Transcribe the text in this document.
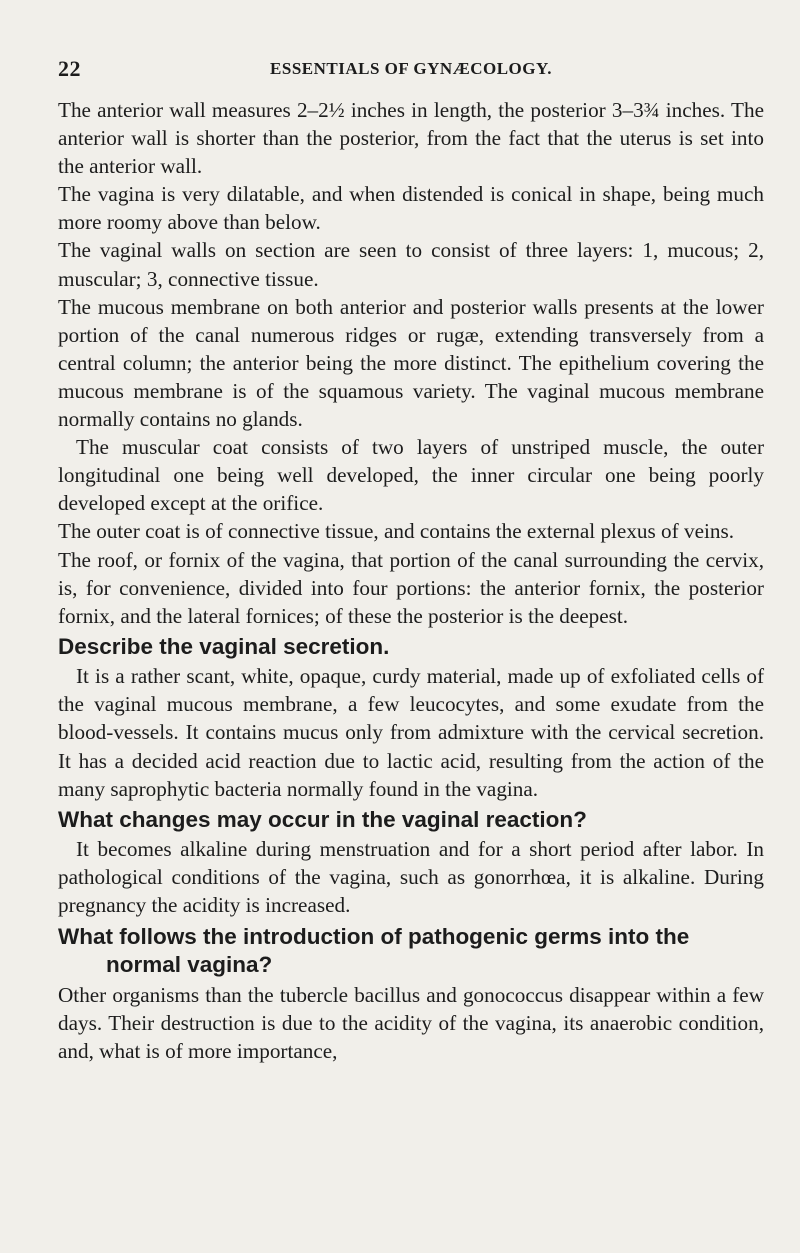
22	ESSENTIALS OF GYNÆCOLOGY.

The anterior wall measures 2–2½ inches in length, the posterior 3–3¾ inches. The anterior wall is shorter than the posterior, from the fact that the uterus is set into the anterior wall.

The vagina is very dilatable, and when distended is conical in shape, being much more roomy above than below.

The vaginal walls on section are seen to consist of three layers: 1, mucous; 2, muscular; 3, connective tissue.

The mucous membrane on both anterior and posterior walls presents at the lower portion of the canal numerous ridges or rugæ, extending transversely from a central column; the anterior being the more distinct. The epithelium covering the mucous membrane is of the squamous variety. The vaginal mucous membrane normally contains no glands.

The muscular coat consists of two layers of unstriped muscle, the outer longitudinal one being well developed, the inner circular one being poorly developed except at the orifice.

The outer coat is of connective tissue, and contains the external plexus of veins.

The roof, or fornix of the vagina, that portion of the canal surrounding the cervix, is, for convenience, divided into four portions: the anterior fornix, the posterior fornix, and the lateral fornices; of these the posterior is the deepest.

Describe the vaginal secretion.

It is a rather scant, white, opaque, curdy material, made up of exfoliated cells of the vaginal mucous membrane, a few leucocytes, and some exudate from the blood-vessels. It contains mucus only from admixture with the cervical secretion. It has a decided acid reaction due to lactic acid, resulting from the action of the many saprophytic bacteria normally found in the vagina.

What changes may occur in the vaginal reaction?

It becomes alkaline during menstruation and for a short period after labor. In pathological conditions of the vagina, such as gonorrhœa, it is alkaline. During pregnancy the acidity is increased.

What follows the introduction of pathogenic germs into the normal vagina?

Other organisms than the tubercle bacillus and gonococcus disappear within a few days. Their destruction is due to the acidity of the vagina, its anaerobic condition, and, what is of more importance,
